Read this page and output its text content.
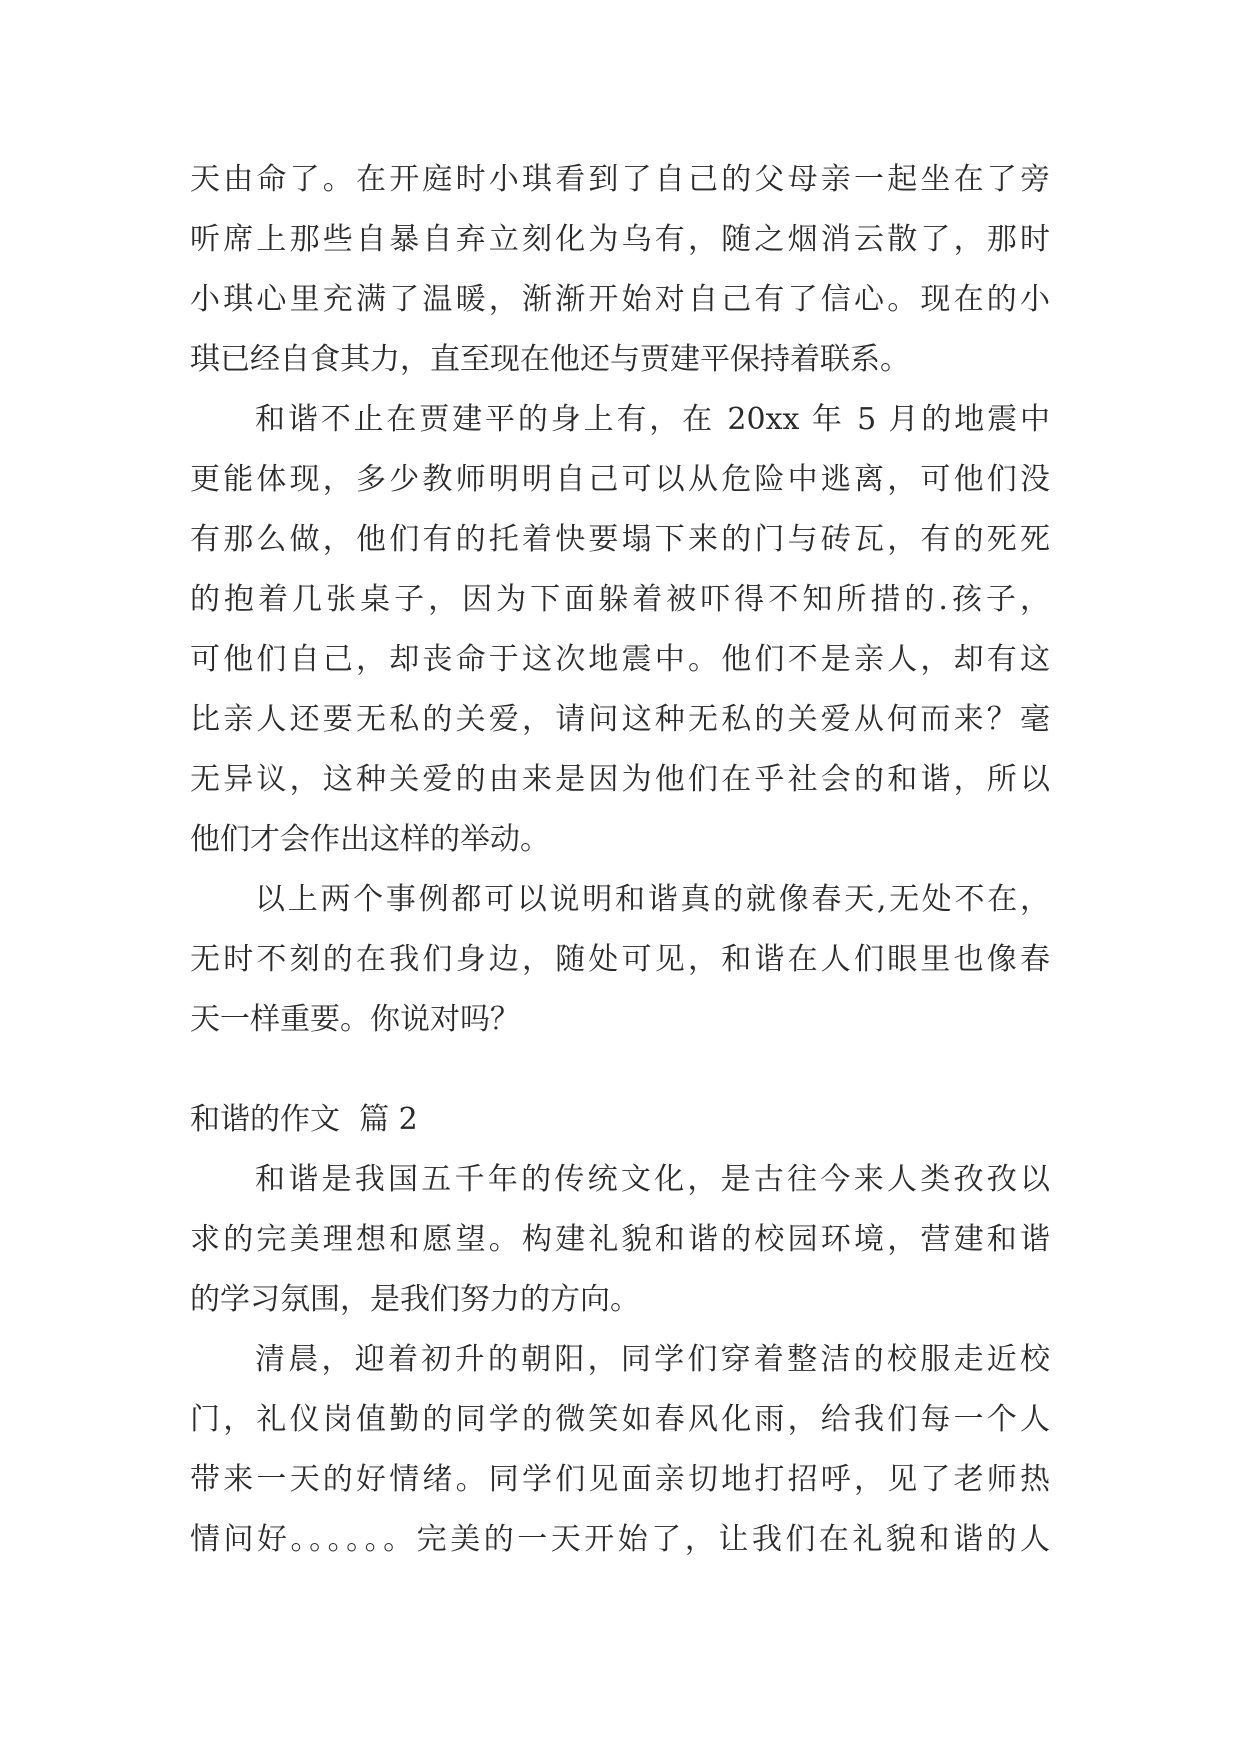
天由命了。在开庭时小琪看到了自己的父母亲一起坐在了旁
听席上那些自暴自弃立刻化为乌有，随之烟消云散了，那时
小琪心里充满了温暖，渐渐开始对自己有了信心。现在的小
琪已经自食其力，直至现在他还与贾建平保持着联系。
和谐不止在贾建平的身上有，在 20xx 年 5 月的地震中
更能体现，多少教师明明自己可以从危险中逃离，可他们没
有那么做，他们有的托着快要塌下来的门与砖瓦，有的死死
的抱着几张桌子，因为下面躲着被吓得不知所措的.孩子，
可他们自己，却丧命于这次地震中。他们不是亲人，却有这
比亲人还要无私的关爱，请问这种无私的关爱从何而来？毫
无异议，这种关爱的由来是因为他们在乎社会的和谐，所以
他们才会作出这样的举动。
以上两个事例都可以说明和谐真的就像春天,无处不在，
无时不刻的在我们身边，随处可见，和谐在人们眼里也像春
天一样重要。你说对吗？
和谐的作文  篇 2
和谐是我国五千年的传统文化，是古往今来人类孜孜以
求的完美理想和愿望。构建礼貌和谐的校园环境，营建和谐
的学习氛围，是我们努力的方向。
清晨，迎着初升的朝阳，同学们穿着整洁的校服走近校
门，礼仪岗值勤的同学的微笑如春风化雨，给我们每一个人
带来一天的好情绪。同学们见面亲切地打招呼，见了老师热
情问好。。。。。。完美的一天开始了，让我们在礼貌和谐的人
